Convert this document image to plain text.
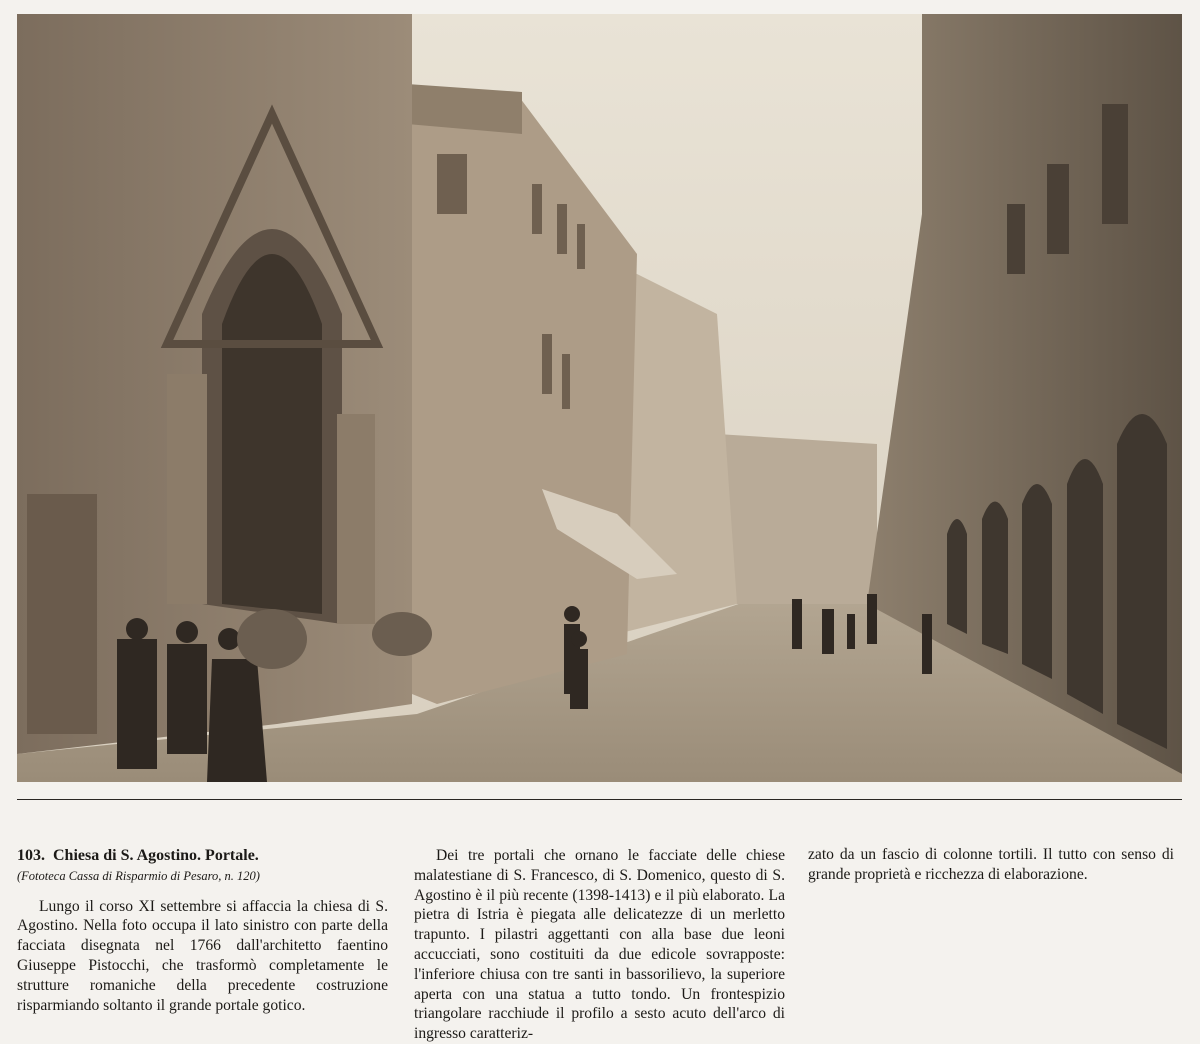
103. Chiesa di S. Agostino. Portale.

(Fototeca Cassa di Risparmio di Pesaro, n. 120)

Lungo il corso XI settembre si affaccia la chiesa di S. Agostino. Nella foto occupa il lato sinistro con parte della facciata disegnata nel 1766 dall'architetto faentino Giuseppe Pistocchi, che trasformò completamente le strutture romaniche della precedente costruzione risparmiando soltanto il grande portale gotico.

Dei tre portali che ornano le facciate delle chiese malatestiane di S. Francesco, di S. Domenico, questo di S. Agostino è il più recente (1398-1413) e il più elaborato. La pietra di Istria è piegata alle delicatezze di un merletto trapunto. I pilastri aggettanti con alla base due leoni accucciati, sono costituiti da due edicole sovrapposte: l'inferiore chiusa con tre santi in bassorilievo, la superiore aperta con una statua a tutto tondo. Un frontespizio triangolare racchiude il profilo a sesto acuto dell'arco di ingresso caratteriz-

zato da un fascio di colonne tortili. Il tutto con senso di grande proprietà e ricchezza di elaborazione.
